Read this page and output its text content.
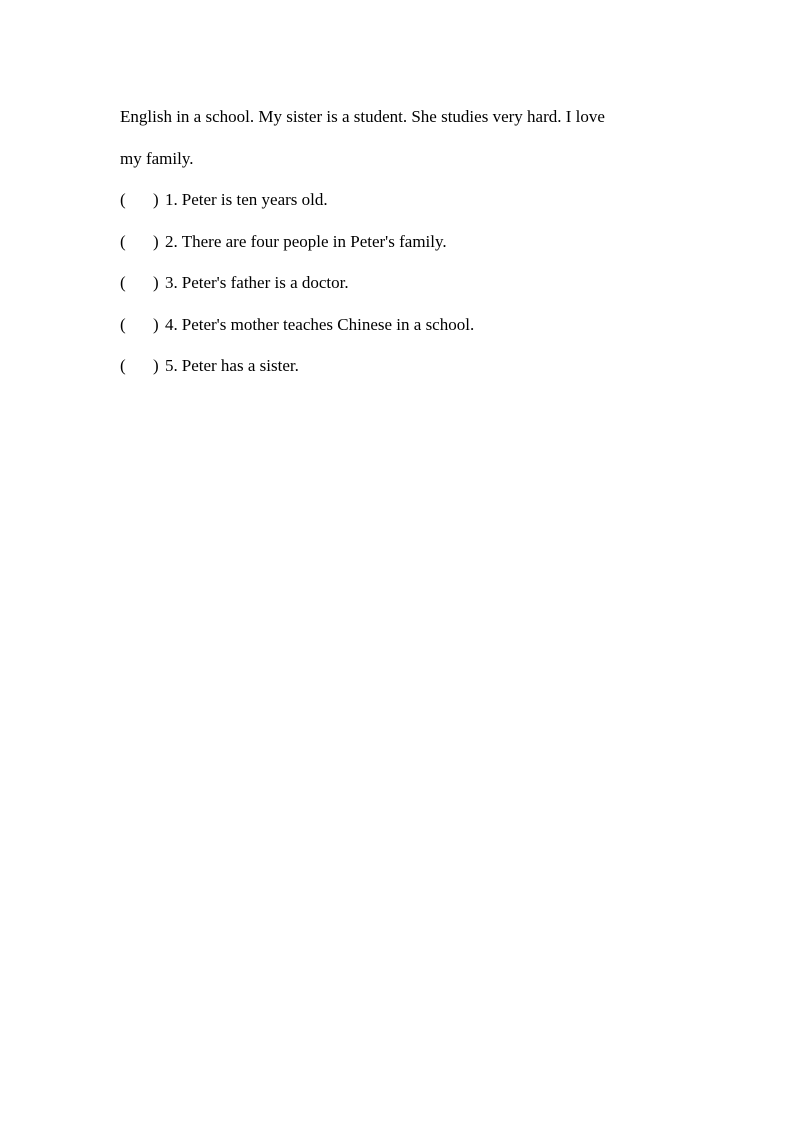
English in a school. My sister is a student. She studies very hard. I love
my family.
(	) 1. Peter is ten years old.
(	) 2. There are four people in Peter's family.
(	) 3. Peter's father is a doctor.
(	) 4. Peter's mother teaches Chinese in a school.
(	) 5. Peter has a sister.
